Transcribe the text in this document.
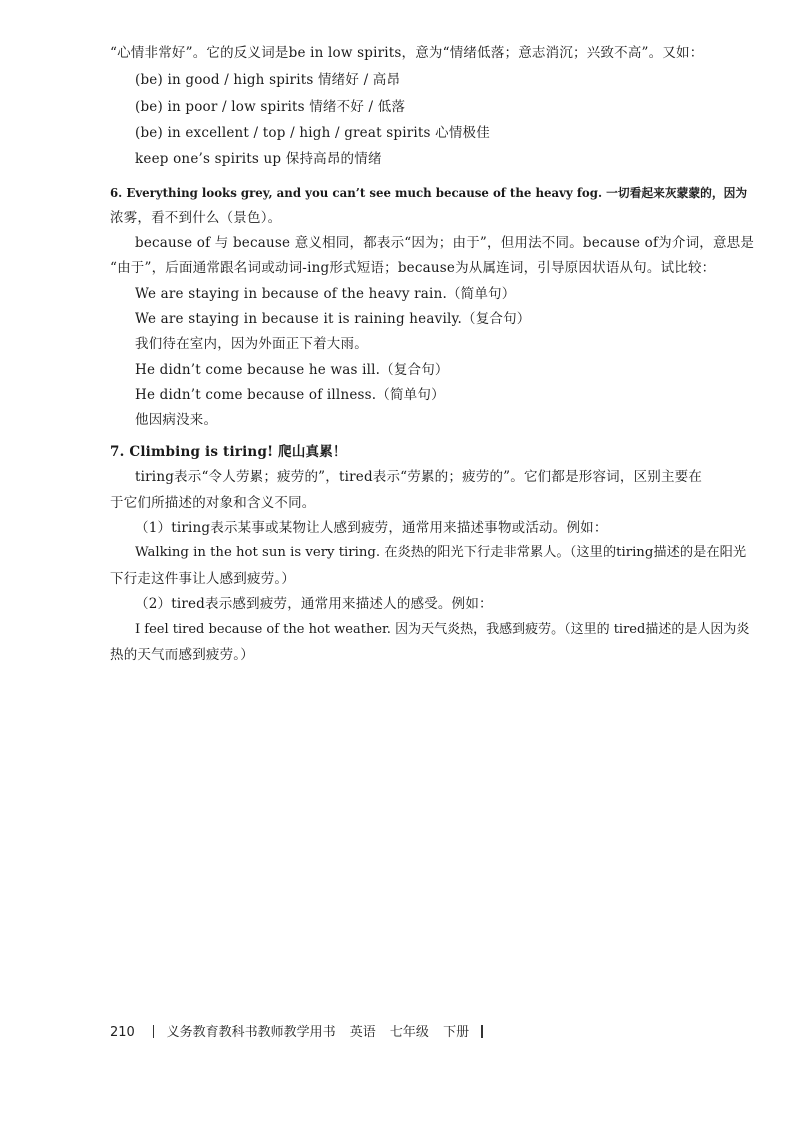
“心情非常好”。它的反义词是be in low spirits，意为“情绪低落；意志消沉；兴致不高”。又如：
(be) in good / high spirits 情绪好 / 高昂
(be) in poor / low spirits 情绪不好 / 低落
(be) in excellent / top / high / great spirits 心情极佳
keep one’s spirits up 保持高昂的情绪
6. Everything looks grey, and you can’t see much because of the heavy fog. 一切看起来灰蒙蒙的，因为
浓雾，看不到什么（景色）。
because of 与 because 意义相同，都表示“因为；由于”，但用法不同。because of为介词，意思是
“由于”，后面通常跟名词或动词-ing形式短语；because为从属连词，引导原因状语从句。试比较：
We are staying in because of the heavy rain.（简单句）
We are staying in because it is raining heavily.（复合句）
我们待在室内，因为外面正下着大雨。
He didn’t come because he was ill.（复合句）
He didn’t come because of illness.（简单句）
他因病没来。
7. Climbing is tiring! 爬山真累！
tiring表示“令人劳累；疲劳的”，tired表示“劳累的；疲劳的”。它们都是形容词，区别主要在
于它们所描述的对象和含义不同。
（1）tiring表示某事或某物让人感到疲劳，通常用来描述事物或活动。例如：
Walking in the hot sun is very tiring. 在炎热的阳光下行走非常累人。（这里的tiring描述的是在阳光
下行走这件事让人感到疲劳。）
（2）tired表示感到疲劳，通常用来描述人的感受。例如：
I feel tired because of the hot weather. 因为天气炎热，我感到疲劳。（这里的 tired描述的是人因为炎
热的天气而感到疲劳。）
210 义务教育教科书教师教学用书 英语 七年级 下册
